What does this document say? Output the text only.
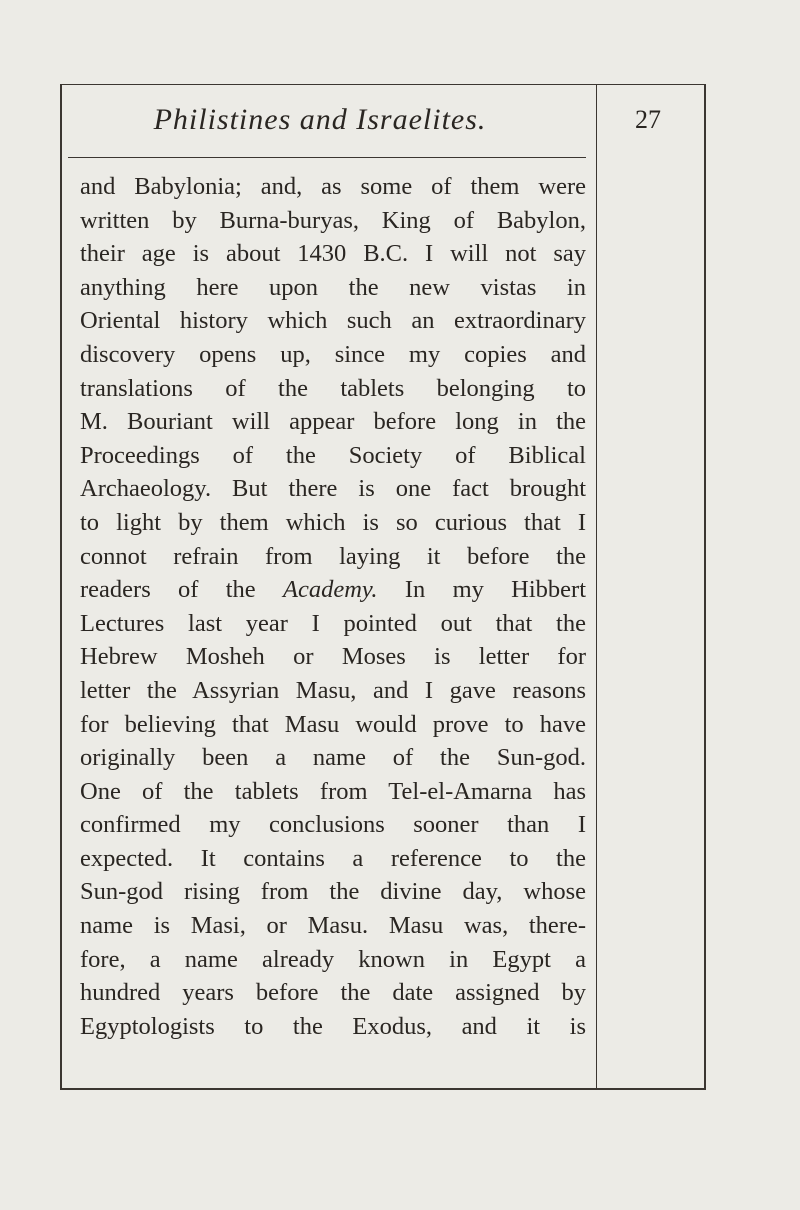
Philistines and Israelites.	27
and Babylonia; and, as some of them were
written by Burna-buryas, King of Babylon,
their age is about 1430 B.C. I will not say
anything here upon the new vistas in
Oriental history which such an extraordinary
discovery opens up, since my copies and
translations of the tablets belonging to
M. Bouriant will appear before long in the
Proceedings of the Society of Biblical
Archaeology. But there is one fact brought
to light by them which is so curious that I
connot refrain from laying it before the
readers of the Academy. In my Hibbert
Lectures last year I pointed out that the
Hebrew Mosheh or Moses is letter for
letter the Assyrian Masu, and I gave reasons
for believing that Masu would prove to have
originally been a name of the Sun-god.
One of the tablets from Tel-el-Amarna has
confirmed my conclusions sooner than I
expected. It contains a reference to the
Sun-god rising from the divine day, whose
name is Masi, or Masu. Masu was, there-
fore, a name already known in Egypt a
hundred years before the date assigned by
Egyptologists to the Exodus, and it is
